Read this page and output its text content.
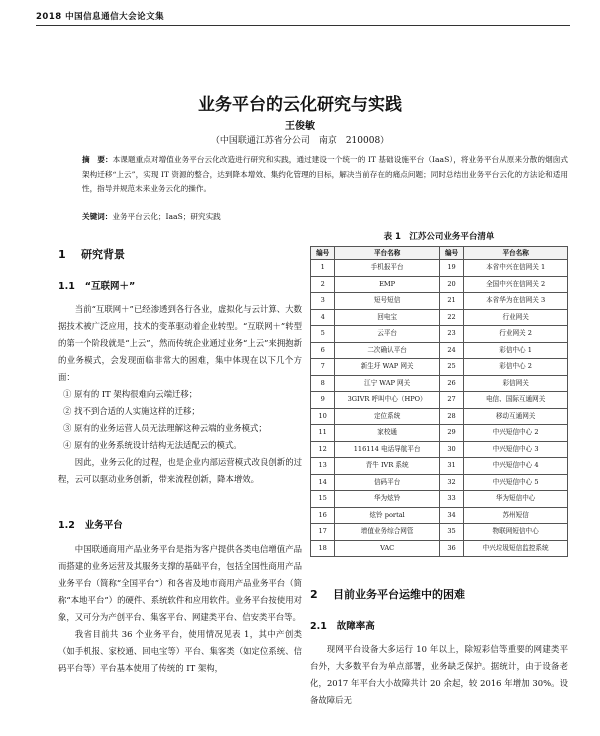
2018 中国信息通信大会论文集
业务平台的云化研究与实践
王俊敏
（中国联通江苏省分公司　南京　210008）
摘　要：本课题重点对增值业务平台云化改造进行研究和实践，通过建设一个统一的 IT 基础设施平台（IaaS），将业务平台从原来分散的烟囱式架构迁移“上云”，实现 IT 资源的整合，达到降本增效、集约化管理的目标，解决当前存在的痛点问题；同时总结出业务平台云化的方法论和适用性，指导并规范未来业务云化的操作。
关键词：业务平台云化；IaaS；研究实践
1 研究背景
1.1 “互联网＋”

当前“互联网＋”已经渗透到各行各业，虚拟化与云计算、大数据技术被广泛应用，技术的变革驱动着企业转型。“互联网＋”转型的第一个阶段就是“上云”，然而传统企业通过业务“上云”来拥抱新的业务模式，会发现面临非常大的困难，集中体现在以下几个方面：

① 原有的 IT 架构很难向云端迁移；

② 找不到合适的人实施这样的迁移；

③ 原有的业务运营人员无法理解这种云端的业务模式；

④ 原有的业务系统设计结构无法适配云的模式。

因此，业务云化的过程，也是企业内部运营模式改良创新的过程，云可以驱动业务创新，带来流程创新，降本增效。

1.2 业务平台

中国联通商用产品业务平台是指为客户提供各类电信增值产品而搭建的业务运营及其服务支撑的基础平台，包括全国性商用产品业务平台（简称“全国平台”）和各省及地市商用产品业务平台（简称“本地平台”）的硬件、系统软件和应用软件。业务平台按使用对象，又可分为产创平台、集客平台、网建类平台、信安类平台等。

我省目前共 36 个业务平台，使用情况见表 1，其中产创类（如手机报、家校通、回电宝等）平台、集客类（如定位系统、信码平台等）平台基本使用了传统的 IT 架构，

表 1　江苏公司业务平台清单
编号	平台名称	编号	平台名称
1	手机报平台	19	本省中兴在信网关 1
2	EMP	20	全国中兴在信网关 2
3	短号短信	21	本省华为在信网关 3
4	回电宝	22	行业网关
5	云平台	23	行业网关 2
6	二次确认平台	24	彩信中心 1
7	新生圩 WAP 网关	25	彩信中心 2
8	江宁 WAP 网关	26	彩信网关
9	3GIVR 呼叫中心（HPO）	27	电信、国际互通网关
10	定位系统	28	移动互通网关
11	家校通	29	中兴短信中心 2
12	116114 电话导航平台	30	中兴短信中心 3
13	青牛 IVR 系统	31	中兴短信中心 4
14	信码平台	32	中兴短信中心 5
15	华为炫铃	33	华为短信中心
16	炫铃 portal	34	苏州短信
17	增值业务综合网管	35	物联网短信中心
18	VAC	36	中兴垃圾短信监控系统
2 目前业务平台运维中的困难
2.1 故障率高

现网平台设备大多运行 10 年以上，除短彩信等重要的网建类平台外，大多数平台为单点部署，业务缺乏保护。据统计，由于设备老化，2017 年平台大小故障共计 20 余起，较 2016 年增加 30%。设备故障后无
